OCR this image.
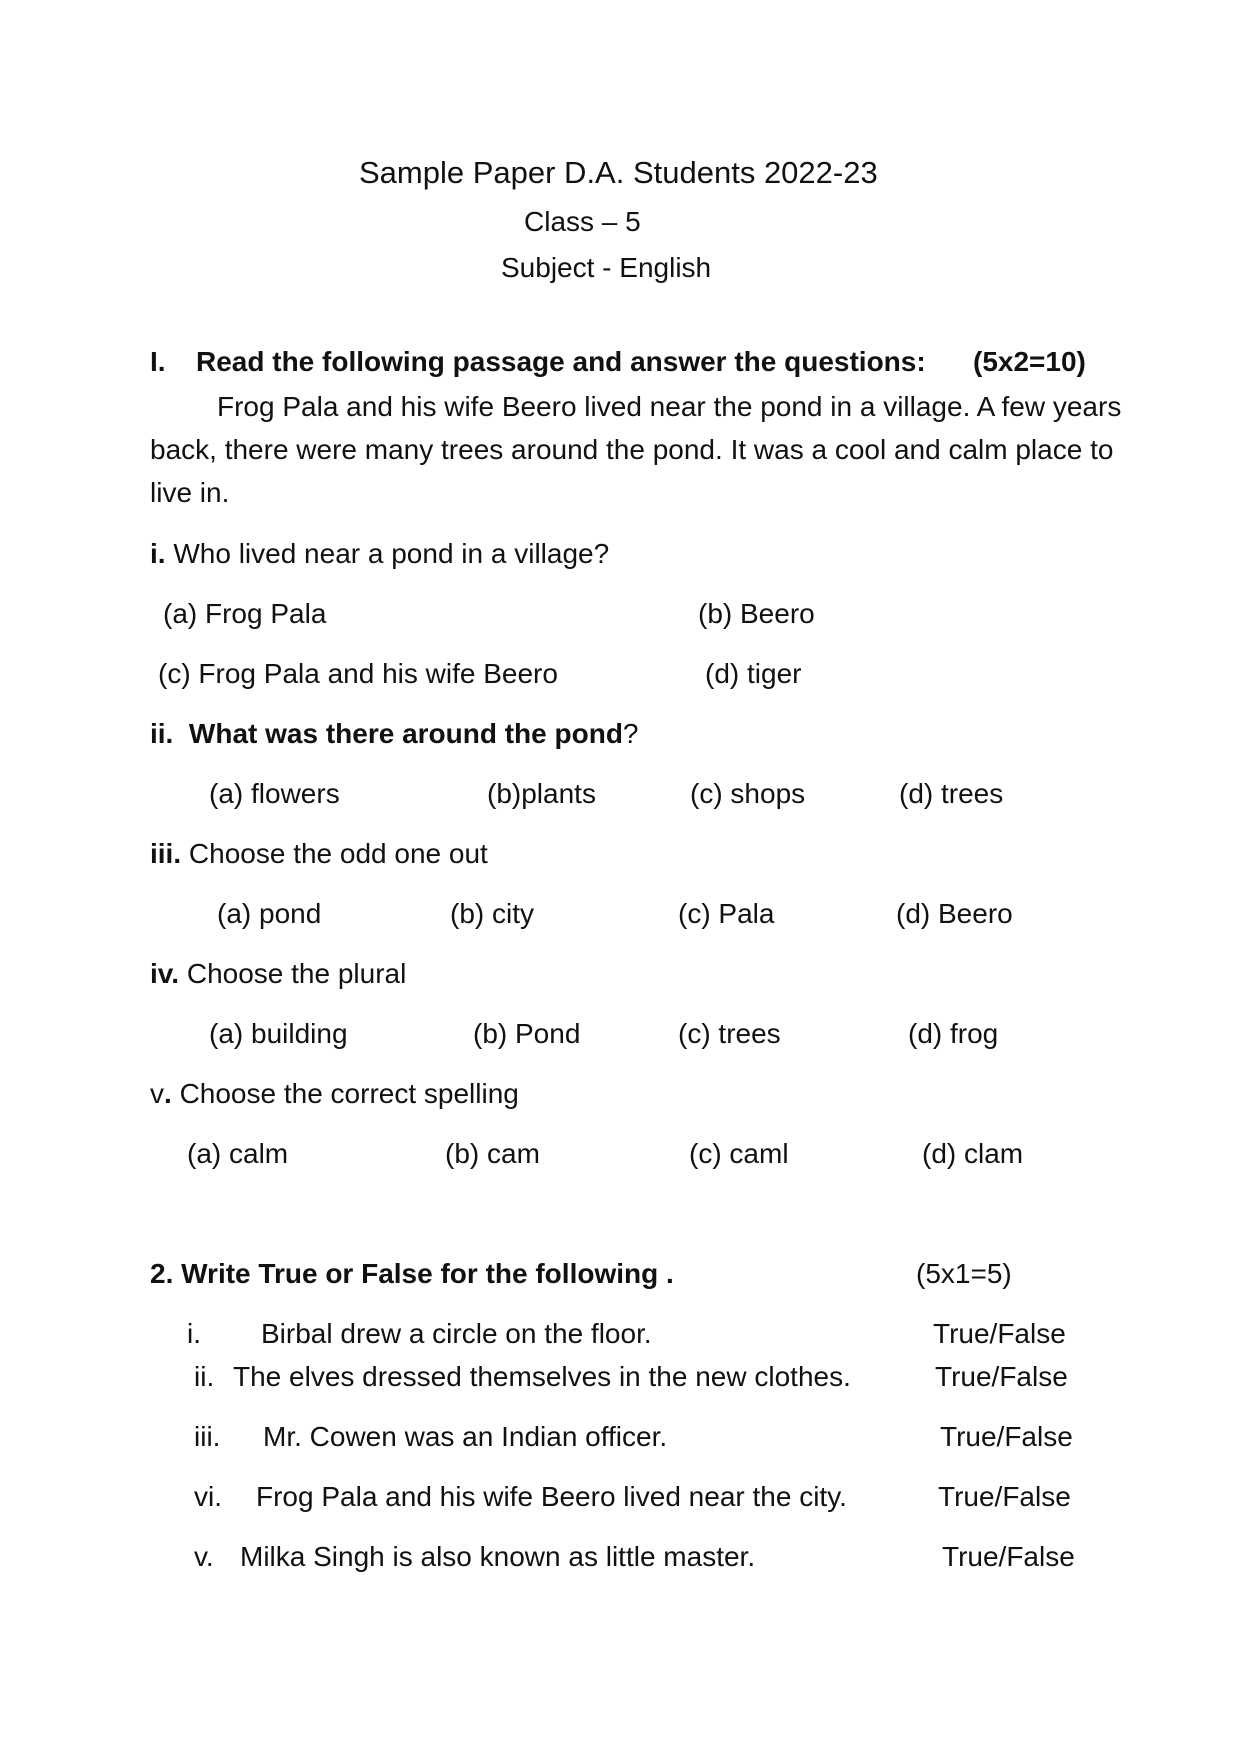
Sample Paper D.A. Students 2022-23
Class – 5
Subject - English
I. Read the following passage and answer the questions: (5x2=10)
Frog Pala and his wife Beero lived near the pond in a village. A few years back, there were many trees around the pond. It was a cool and calm place to live in.
i. Who lived near a pond in a village?
(a) Frog Pala	(b) Beero
(c) Frog Pala and his wife Beero	(d) tiger
ii. What was there around the pond?
(a) flowers	(b)plants	(c) shops	(d) trees
iii. Choose the odd one out
(a) pond	(b) city	(c) Pala	(d) Beero
iv. Choose the plural
(a) building	(b) Pond	(c) trees	(d) frog
v. Choose the correct spelling
(a) calm	(b) cam	(c) caml	(d) clam
2. Write True or False for the following .	(5x1=5)
i. Birbal drew a circle on the floor.	True/False
ii. The elves dressed themselves in the new clothes.	True/False
iii. Mr. Cowen was an Indian officer.	True/False
vi. Frog Pala and his wife Beero lived near the city.	True/False
v. Milka Singh is also known as little master.	True/False
